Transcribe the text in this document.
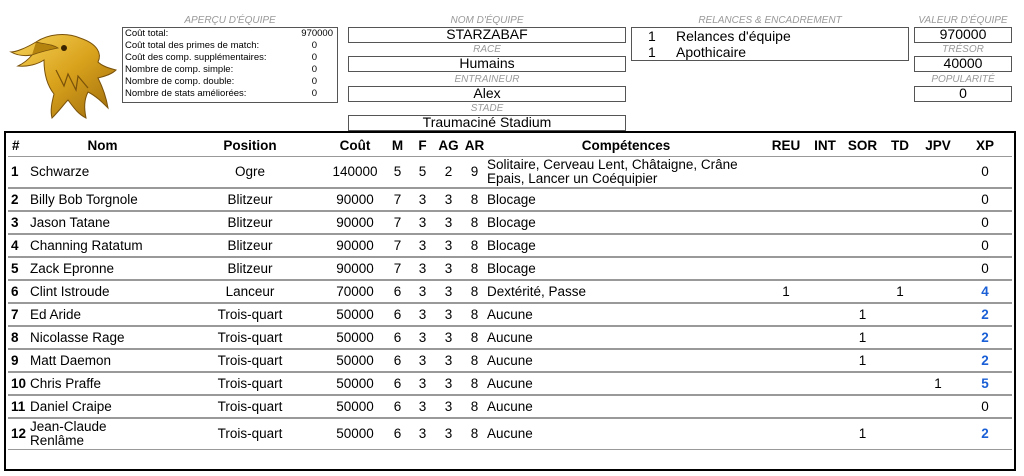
APERÇU D'ÉQUIPE
Coût total:	970000
Coût total des primes de match:	0
Coût des comp. supplémentaires:	0
Nombre de comp. simple:	0
Nombre de comp. double:	0
Nombre de stats améliorées:	0
NOM D'ÉQUIPE
STARZABAF
RACE
Humains
ENTRAINEUR
Alex
STADE
Traumaciné Stadium
RELANCES & ENCADREMENT
1 Relances d'équipe
1 Apothicaire
VALEUR D'ÉQUIPE
970000
TRÉSOR
40000
POPULARITÉ
0
#	Nom	Position	Coût	M	F	AG	AR	Compétences	REU	INT	SOR	TD	JPV	XP
1	Schwarze	Ogre	140000	5	5	2	9	Solitaire, Cerveau Lent, Châtaigne, Crâne Epais, Lancer un Coéquipier						0
2	Billy Bob Torgnole	Blitzeur	90000	7	3	3	8	Blocage						0
3	Jason Tatane	Blitzeur	90000	7	3	3	8	Blocage						0
4	Channing Ratatum	Blitzeur	90000	7	3	3	8	Blocage						0
5	Zack Epronne	Blitzeur	90000	7	3	3	8	Blocage						0
6	Clint Istroude	Lanceur	70000	6	3	3	8	Dextérité, Passe	1			1		4
7	Ed Aride	Trois-quart	50000	6	3	3	8	Aucune			1			2
8	Nicolasse Rage	Trois-quart	50000	6	3	3	8	Aucune			1			2
9	Matt Daemon	Trois-quart	50000	6	3	3	8	Aucune			1			2
10	Chris Praffe	Trois-quart	50000	6	3	3	8	Aucune					1	5
11	Daniel Craipe	Trois-quart	50000	6	3	3	8	Aucune						0
12	Jean-Claude Renlâme	Trois-quart	50000	6	3	3	8	Aucune			1			2
